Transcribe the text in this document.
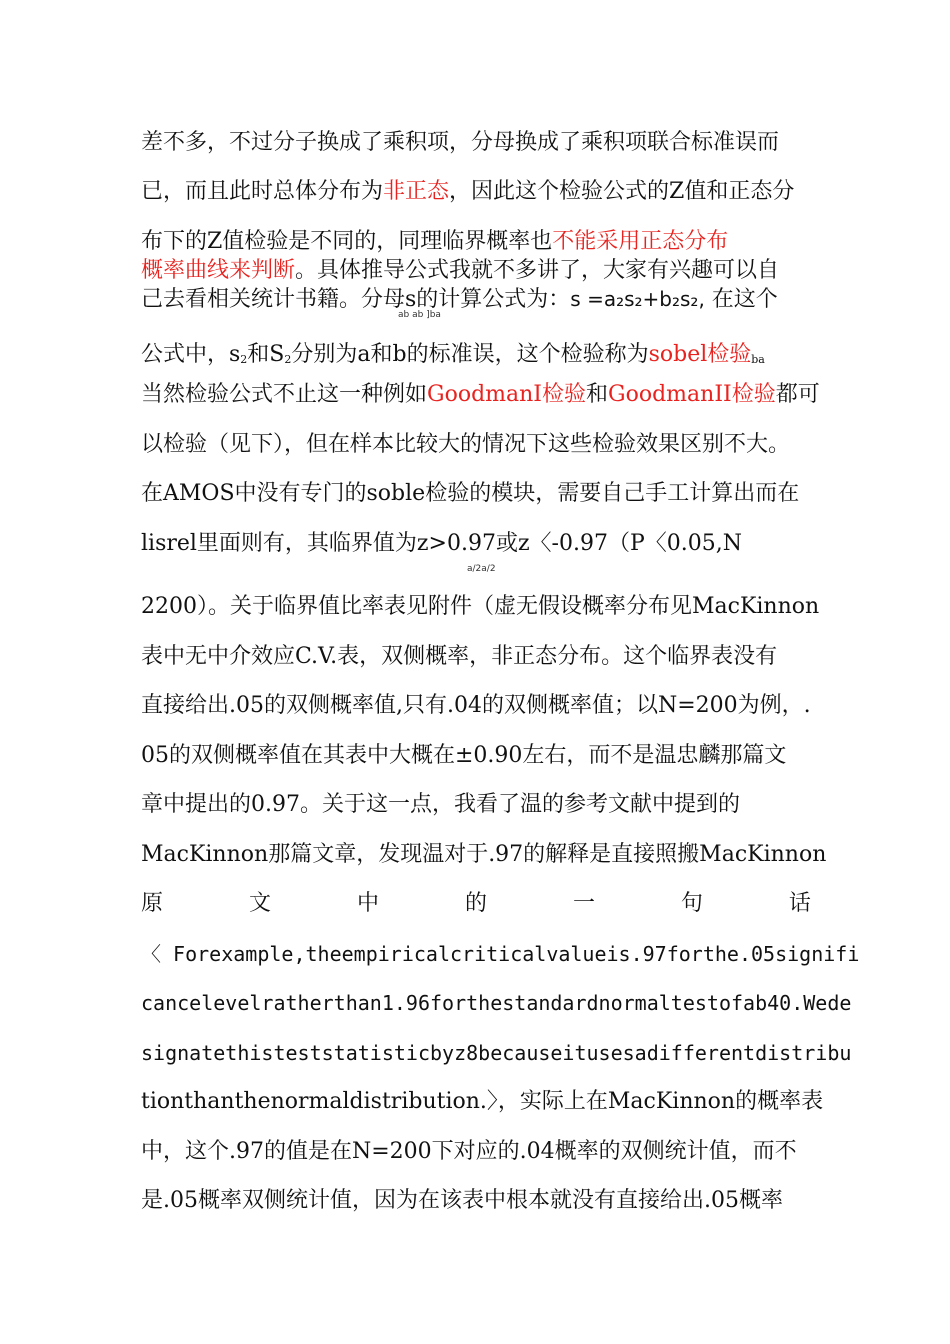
差不多，不过分子换成了乘积项，分母换成了乘积项联合标准误而
已，而且此时总体分布为非正态，因此这个检验公式的Z值和正态分
布下的Z值检验是不同的，同理临界概率也不能采用正态分布
概率曲线来判断。具体推导公式我就不多讲了，大家有兴趣可以自
己去看相关统计书籍。分母s的计算公式为：s =a₂s₂+b₂s₂, 在这个
ab ab ]ba
公式中，s2和S2分别为a和b的标准误，这个检验称为sobel检验ba
当然检验公式不止这一种例如GoodmanI检验和GoodmanII检验都可
以检验（见下），但在样本比较大的情况下这些检验效果区别不大。
在AMOS中没有专门的soble检验的模块，需要自己手工计算出而在
lisrel里面则有，其临界值为z>0.97或z〈-0.97（P〈0.05,N
a/2a/2
2200）。关于临界值比率表见附件（虚无假设概率分布见MacKinnon
表中无中介效应C.V.表，双侧概率，非正态分布。这个临界表没有
直接给出.05的双侧概率值,只有.04的双侧概率值；以N=200为例，.
05的双侧概率值在其表中大概在±0.90左右，而不是温忠麟那篇文
章中提出的0.97。关于这一点，我看了温的参考文献中提到的
MacKinnon那篇文章，发现温对于.97的解释是直接照搬MacKinnon
原	文	中	的	一	句	话
〈 Forexample,theempiricalcriticalvalueis.97forthe.05signifi
cancelevelratherthan1.96forthestandardnormaltestofab40.Wede
signatethisteststatisticbyz8becauseitusesadifferentdistribu
tionthanthenormaldistribution.〉，实际上在MacKinnon的概率表
中，这个.97的值是在N=200下对应的.04概率的双侧统计值，而不
是.05概率双侧统计值，因为在该表中根本就没有直接给出.05概率
